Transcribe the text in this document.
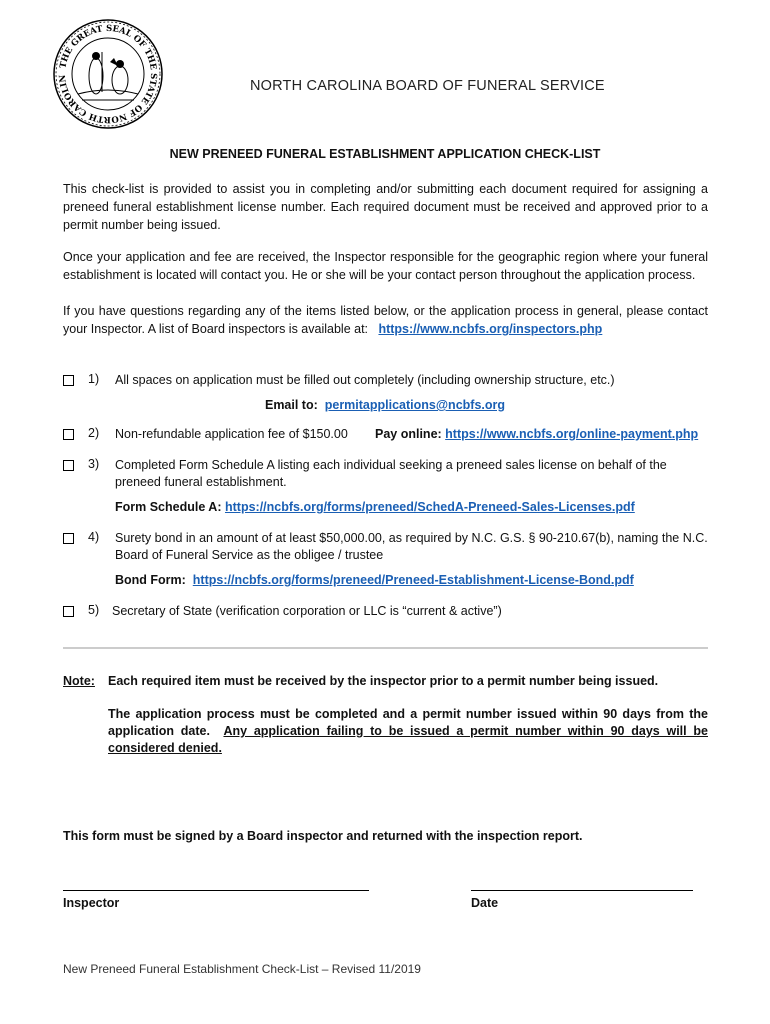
THE GREAT SEAL OF THE STATE OF NORTH CAROLIN	NORTH CAROLINA BOARD OF FUNERAL SERVICE
NEW PRENEED FUNERAL ESTABLISHMENT APPLICATION CHECK-LIST
This check-list is provided to assist you in completing and/or submitting each document required for assigning a preneed funeral establishment license number. Each required document must be received and approved prior to a permit number being issued.
Once your application and fee are received, the Inspector responsible for the geographic region where your funeral establishment is located will contact you. He or she will be your contact person throughout the application process.
If you have questions regarding any of the items listed below, or the application process in general, please contact your Inspector. A list of Board inspectors is available at: https://www.ncbfs.org/inspectors.php
1) All spaces on application must be filled out completely (including ownership structure, etc.)
Email to: permitapplications@ncbfs.org
2) Non-refundable application fee of $150.00 Pay online: https://www.ncbfs.org/online-payment.php
3) Completed Form Schedule A listing each individual seeking a preneed sales license on behalf of the preneed funeral establishment.
Form Schedule A: https://ncbfs.org/forms/preneed/SchedA-Preneed-Sales-Licenses.pdf
4) Surety bond in an amount of at least $50,000.00, as required by N.C. G.S. § 90-210.67(b), naming the N.C. Board of Funeral Service as the obligee / trustee
Bond Form: https://ncbfs.org/forms/preneed/Preneed-Establishment-License-Bond.pdf
5) Secretary of State (verification corporation or LLC is “current & active”)
Note: Each required item must be received by the inspector prior to a permit number being issued.
The application process must be completed and a permit number issued within 90 days from the application date. Any application failing to be issued a permit number within 90 days will be considered denied.
This form must be signed by a Board inspector and returned with the inspection report.
Inspector	Date
New Preneed Funeral Establishment Check-List – Revised 11/2019
